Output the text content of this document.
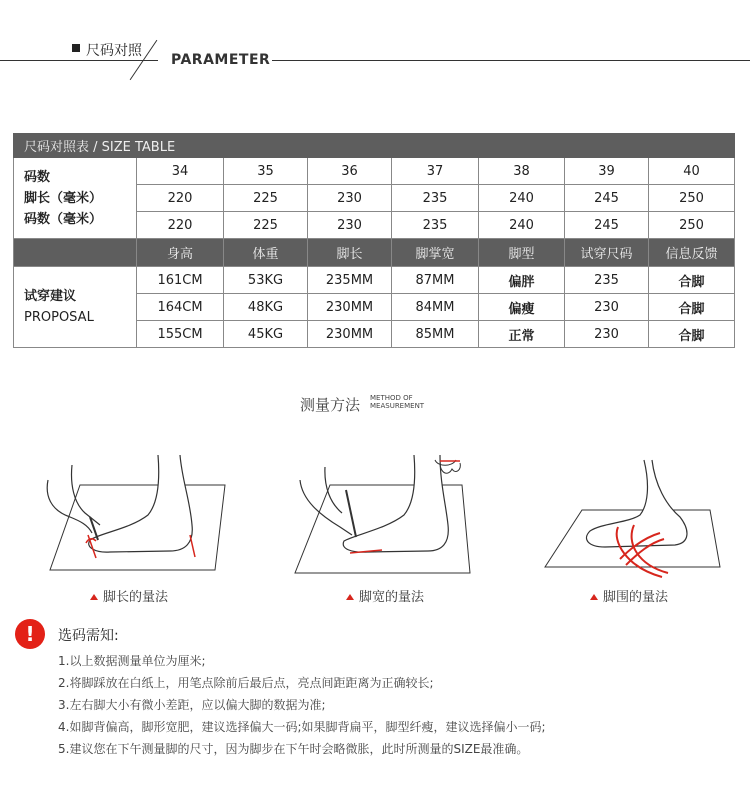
尺码对照
PARAMETER
尺码对照表 / SIZE TABLE							

码数
脚长（毫米）
码数（毫米）	34	35	36	37	38	39	40
	220	225	230	235	240	245	250
	220	225	230	235	240	245	250
	身高	体重	脚长	脚掌宽	脚型	试穿尺码	信息反馈

试穿建议
PROPOSAL	161CM	53KG	235MM	87MM	偏胖	235	合脚
	164CM	48KG	230MM	84MM	偏瘦	230	合脚
	155CM	45KG	230MM	85MM	正常	230	合脚
测量方法 METHOD OF
MEASUREMENT
脚长的量法	脚宽的量法	脚围的量法
!	选码需知:
1.以上数据测量单位为厘米;
2.将脚踩放在白纸上，用笔点除前后最后点，亮点间距距离为正确较长;
3.左右脚大小有微小差距，应以偏大脚的数据为准;
4.如脚背偏高，脚形宽肥，建议选择偏大一码;如果脚背扁平，脚型纤瘦，建议选择偏小一码;
5.建议您在下午测量脚的尺寸，因为脚步在下午时会略微胀，此时所测量的SIZE最准确。
